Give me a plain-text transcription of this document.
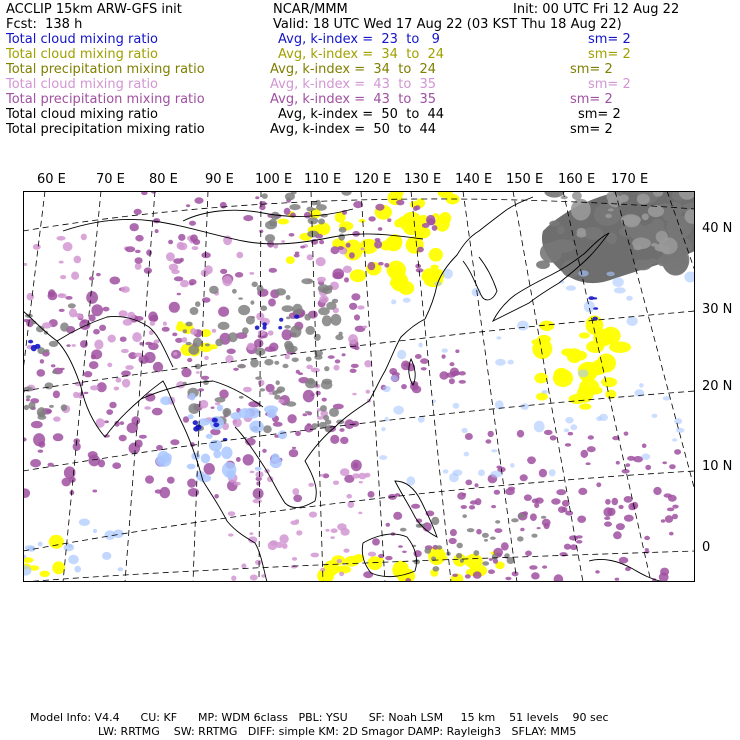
ACCLIP 15km ARW-GFS init	NCAR/MMM	Init: 00 UTC Fri 12 Aug 22
Fcst:  138 h	Valid: 18 UTC Wed 17 Aug 22 (03 KST Thu 18 Aug 22)
Total cloud mixing ratio	Avg, k-index =  23  to   9	sm= 2
Total cloud mixing ratio	Avg, k-index =  34  to  24	sm= 2
Total precipitation mixing ratio	Avg, k-index =  34  to  24	sm= 2
Total cloud mixing ratio	Avg, k-index =  43  to  35	sm= 2
Total precipitation mixing ratio	Avg, k-index =  43  to  35	sm= 2
Total cloud mixing ratio	Avg, k-index =  50  to  44	sm= 2
Total precipitation mixing ratio	Avg, k-index =  50  to  44	sm= 2
60 E 70 E 80 E 90 E 100 E 110 E 120 E 130 E 140 E 150 E 160 E 170 E
40 N
30 N
20 N
10 N
0
Model Info: V4.4      CU: KF      MP: WDM 6class   PBL: YSU      SF: Noah LSM     15 km    51 levels    90 sec
LW: RRTMG    SW: RRTMG   DIFF: simple KM: 2D Smagor DAMP: Rayleigh3   SFLAY: MM5
